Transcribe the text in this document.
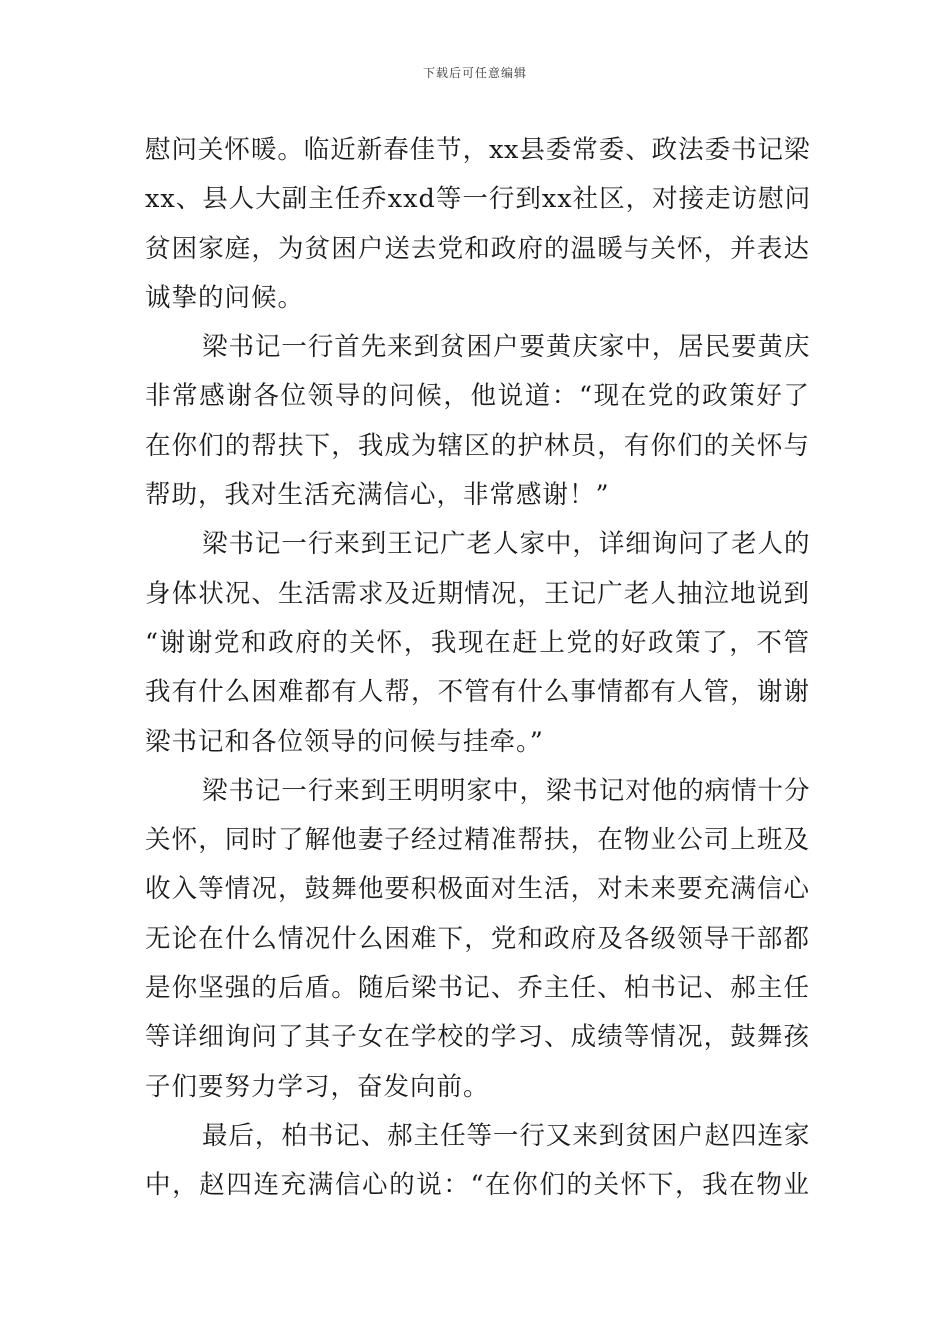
下载后可任意编辑
慰问关怀暖。临近新春佳节，xx县委常委、政法委书记梁
xx、县人大副主任乔xxd等一行到xx社区，对接走访慰问
贫困家庭，为贫困户送去党和政府的温暖与关怀，并表达
诚挚的问候。
梁书记一行首先来到贫困户要黄庆家中，居民要黄庆
非常感谢各位领导的问候，他说道：“现在党的政策好了
在你们的帮扶下，我成为辖区的护林员，有你们的关怀与
帮助，我对生活充满信心，非常感谢！”
梁书记一行来到王记广老人家中，详细询问了老人的
身体状况、生活需求及近期情况，王记广老人抽泣地说到
“谢谢党和政府的关怀，我现在赶上党的好政策了，不管
我有什么困难都有人帮，不管有什么事情都有人管，谢谢
梁书记和各位领导的问候与挂牵。”
梁书记一行来到王明明家中，梁书记对他的病情十分
关怀，同时了解他妻子经过精准帮扶，在物业公司上班及
收入等情况，鼓舞他要积极面对生活，对未来要充满信心
无论在什么情况什么困难下，党和政府及各级领导干部都
是你坚强的后盾。随后梁书记、乔主任、柏书记、郝主任
等详细询问了其子女在学校的学习、成绩等情况，鼓舞孩
子们要努力学习，奋发向前。
最后，柏书记、郝主任等一行又来到贫困户赵四连家
中，赵四连充满信心的说：“在你们的关怀下，我在物业
